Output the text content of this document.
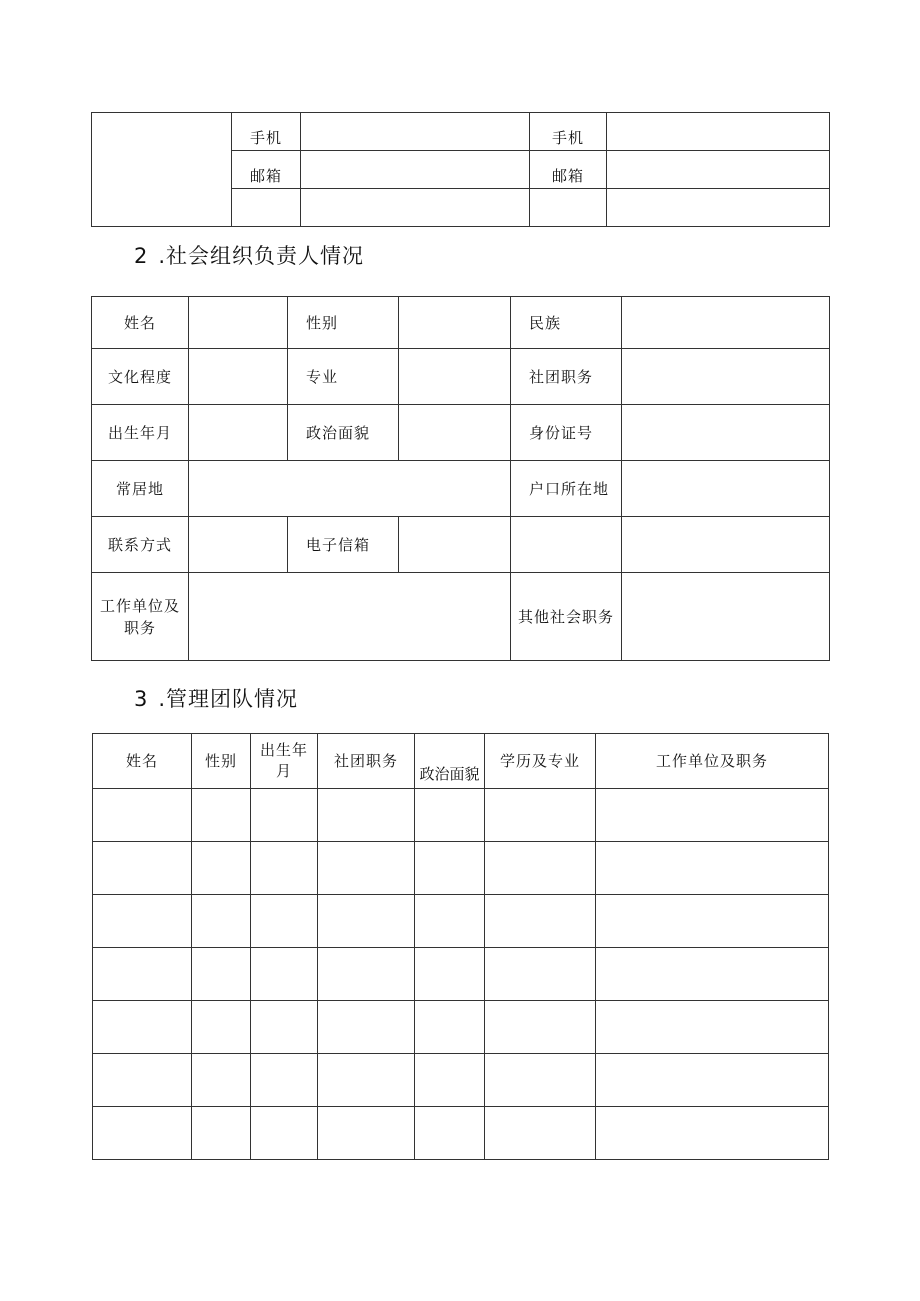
	手机		手机	
	邮箱		邮箱	

2 .社会组织负责人情况
姓名		性别		民族	
文化程度		专业		社团职务	
出生年月		政治面貌		身份证号	
常居地				户口所在地	
联系方式		电子信箱			

工作单位及
职务				其他社会职务	
3 .管理团队情况
姓名	性别	出生年
月	社团职务	政治面貌	学历及专业	工作单位及职务
